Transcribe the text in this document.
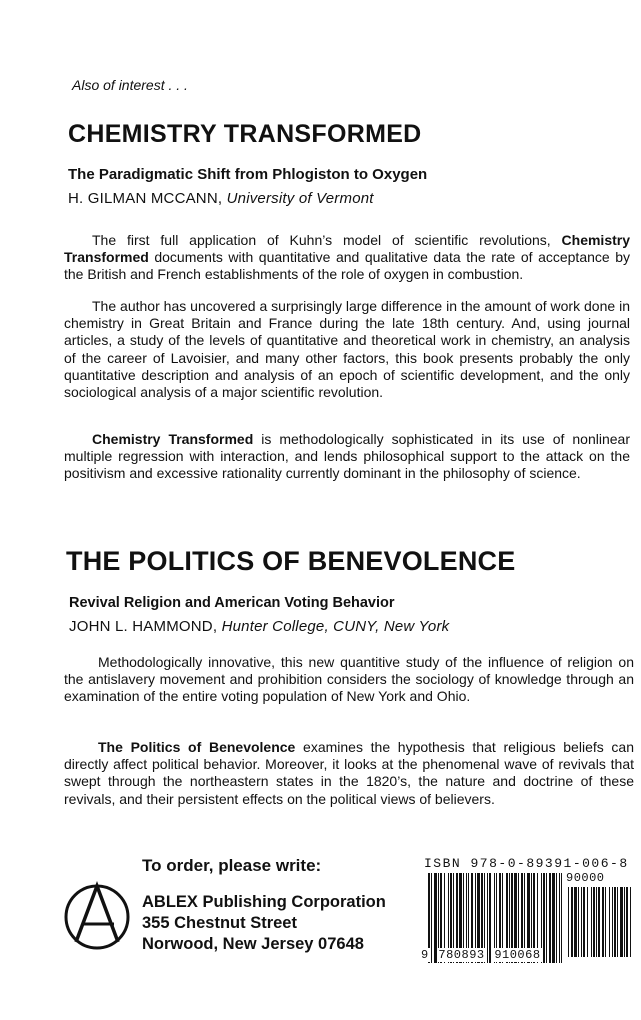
Also of interest . . .
CHEMISTRY TRANSFORMED
The Paradigmatic Shift from Phlogiston to Oxygen
H. GILMAN MCCANN, University of Vermont

The first full application of Kuhn’s model of scientific revolutions, Chemistry Transformed documents with quantitative and qualitative data the rate of acceptance by the British and French establishments of the role of oxygen in combustion.

The author has uncovered a surprisingly large difference in the amount of work done in chemistry in Great Britain and France during the late 18th century. And, using journal articles, a study of the levels of quantitative and theoretical work in chemistry, an analysis of the career of Lavoisier, and many other factors, this book presents probably the only quantitative description and analysis of an epoch of scientific development, and the only sociological analysis of a major scientific revolution.

Chemistry Transformed is methodologically sophisticated in its use of nonlinear multiple regression with interaction, and lends philosophical support to the attack on the positivism and excessive rationality currently dominant in the philosophy of science.

THE POLITICS OF BENEVOLENCE
Revival Religion and American Voting Behavior
JOHN L. HAMMOND, Hunter College, CUNY, New York

Methodologically innovative, this new quantitive study of the influence of religion on the antislavery movement and prohibition considers the sociology of knowledge through an examination of the entire voting population of New York and Ohio.

The Politics of Benevolence examines the hypothesis that religious beliefs can directly affect political behavior. Moreover, it looks at the phenomenal wave of revivals that swept through the northeastern states in the 1820’s, the nature and doctrine of these revivals, and their persistent effects on the political views of believers.

To order, please write:
ABLEX Publishing Corporation
355 Chestnut Street
Norwood, New Jersey 07648
ISBN 978-0-89391-006-8
90000
9 780893 910068
